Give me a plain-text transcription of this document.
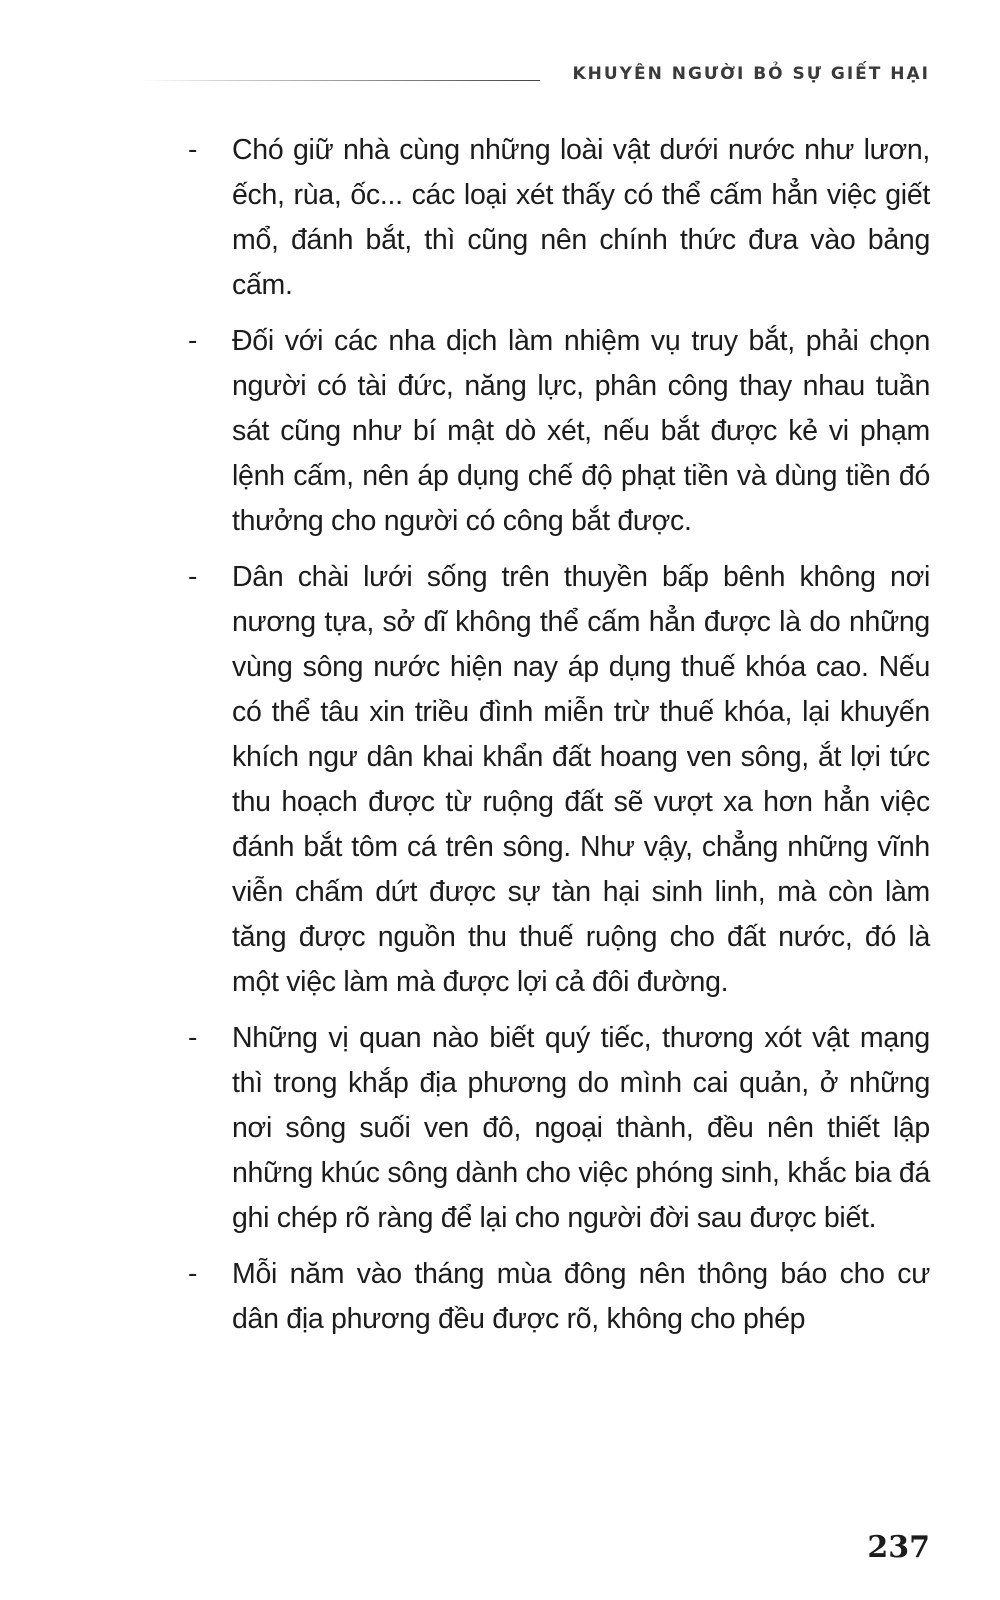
KHUYÊN NGƯỜI BỎ SỰ GIẾT HẠI
- Chó giữ nhà cùng những loài vật dưới nước như lươn, ếch, rùa, ốc... các loại xét thấy có thể cấm hẳn việc giết mổ, đánh bắt, thì cũng nên chính thức đưa vào bảng cấm.
- Đối với các nha dịch làm nhiệm vụ truy bắt, phải chọn người có tài đức, năng lực, phân công thay nhau tuần sát cũng như bí mật dò xét, nếu bắt được kẻ vi phạm lệnh cấm, nên áp dụng chế độ phạt tiền và dùng tiền đó thưởng cho người có công bắt được.
- Dân chài lưới sống trên thuyền bấp bênh không nơi nương tựa, sở dĩ không thể cấm hẳn được là do những vùng sông nước hiện nay áp dụng thuế khóa cao. Nếu có thể tâu xin triều đình miễn trừ thuế khóa, lại khuyến khích ngư dân khai khẩn đất hoang ven sông, ắt lợi tức thu hoạch được từ ruộng đất sẽ vượt xa hơn hẳn việc đánh bắt tôm cá trên sông. Như vậy, chẳng những vĩnh viễn chấm dứt được sự tàn hại sinh linh, mà còn làm tăng được nguồn thu thuế ruộng cho đất nước, đó là một việc làm mà được lợi cả đôi đường.
- Những vị quan nào biết quý tiếc, thương xót vật mạng thì trong khắp địa phương do mình cai quản, ở những nơi sông suối ven đô, ngoại thành, đều nên thiết lập những khúc sông dành cho việc phóng sinh, khắc bia đá ghi chép rõ ràng để lại cho người đời sau được biết.
- Mỗi năm vào tháng mùa đông nên thông báo cho cư dân địa phương đều được rõ, không cho phép
237
